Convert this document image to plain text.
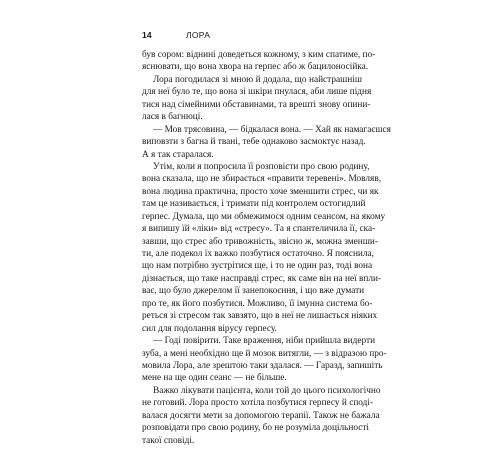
14	ЛОРА
був сором: віднині доведеться кожному, з ким спатиме, по-
яснювати, що вона хвора на герпес або ж бацилоносійка.
Лора погодилася зі мною й додала, що найстрашніш
для неї було те, що вона зі шкіри пнулася, аби лише підня
тися над сімейними обставинами, та врешті знову опини-
лася в багнюці.
— Мов трясовина, — бідкалася вона. — Хай як намагаєшся
виповзти з багна й твані, тебе однаково засмоктує назад.
А я так старалася.
Утім, коли я попросила її розповісти про свою родину,
вона сказала, що не збирається «правити теревені». Мовляв,
вона людина практична, просто хоче зменшити стрес, чи як
там це називається, і тримати під контролем остогидлий
герпес. Думала, що ми обмежимося одним сеансом, на якому
я випишу їй «ліки» від «стресу». Та я спантеличила її, ска-
завши, що стрес або тривожність, звісно ж, можна зменши-
ти, але подекол їх важко позбутися остаточно. Я пояснила,
що нам потрібно зустрітися ще, і то не один раз, тоді вона
дізнається, що таке насправді стрес, як саме він на неї впли-
ває, що було джерелом її занепокоєння, і що вже думати
про те, як його позбутися. Можливо, її імунна система бо-
реться зі стресом так завзято, що в неї не лишається ніяких
сил для подолання вірусу герпесу.
— Годі повірити. Таке враження, ніби прийшла видерти
зуба, а мені необхідно ще й мозок витягли, — з відразою про-
мовила Лора, але зрештою таки здалася. — Гаразд, запишіть
мене на ще один сеанс — не більше.
Важко лікувати пацієнта, коли той до цього психологічно
не готовий. Лора просто хотіла позбутися герпесу й споді-
валася досягти мети за допомогою терапії. Також не бажала
розповідати про свою родину, бо не розуміла доцільності
такої сповіді.
